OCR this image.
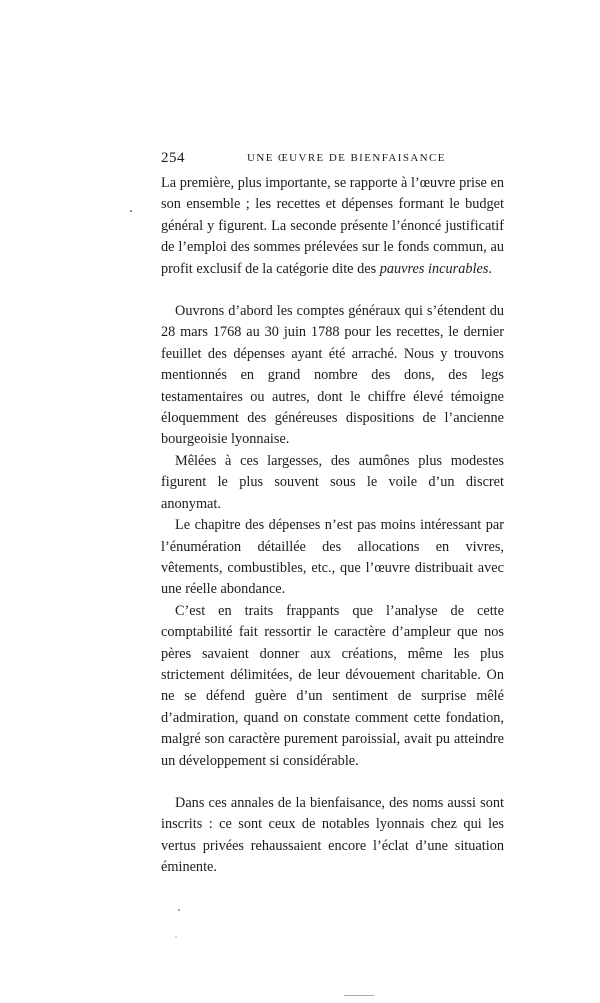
254	UNE ŒUVRE DE BIENFAISANCE

La première, plus importante, se rapporte à l’œuvre prise en son ensemble ; les recettes et dépenses formant le budget général y figurent. La seconde présente l’énoncé justificatif de l’emploi des sommes prélevées sur le fonds commun, au profit exclusif de la catégorie dite des pauvres incurables.

Ouvrons d’abord les comptes généraux qui s’étendent du 28 mars 1768 au 30 juin 1788 pour les recettes, le dernier feuillet des dépenses ayant été arraché. Nous y trouvons mentionnés en grand nombre des dons, des legs testamentaires ou autres, dont le chiffre élevé témoigne éloquemment des généreuses dispositions de l’ancienne bourgeoisie lyonnaise.

Mêlées à ces largesses, des aumônes plus modestes figurent le plus souvent sous le voile d’un discret anonymat.

Le chapitre des dépenses n’est pas moins intéressant par l’énumération détaillée des allocations en vivres, vêtements, combustibles, etc., que l’œuvre distribuait avec une réelle abondance.

C’est en traits frappants que l’analyse de cette comptabilité fait ressortir le caractère d’ampleur que nos pères savaient donner aux créations, même les plus strictement délimitées, de leur dévouement charitable. On ne se défend guère d’un sentiment de surprise mêlé d’admiration, quand on constate comment cette fondation, malgré son caractère purement paroissial, avait pu atteindre un développement si considérable.

Dans ces annales de la bienfaisance, des noms aussi sont inscrits : ce sont ceux de notables lyonnais chez qui les vertus privées rehaussaient encore l’éclat d’une situation éminente.
